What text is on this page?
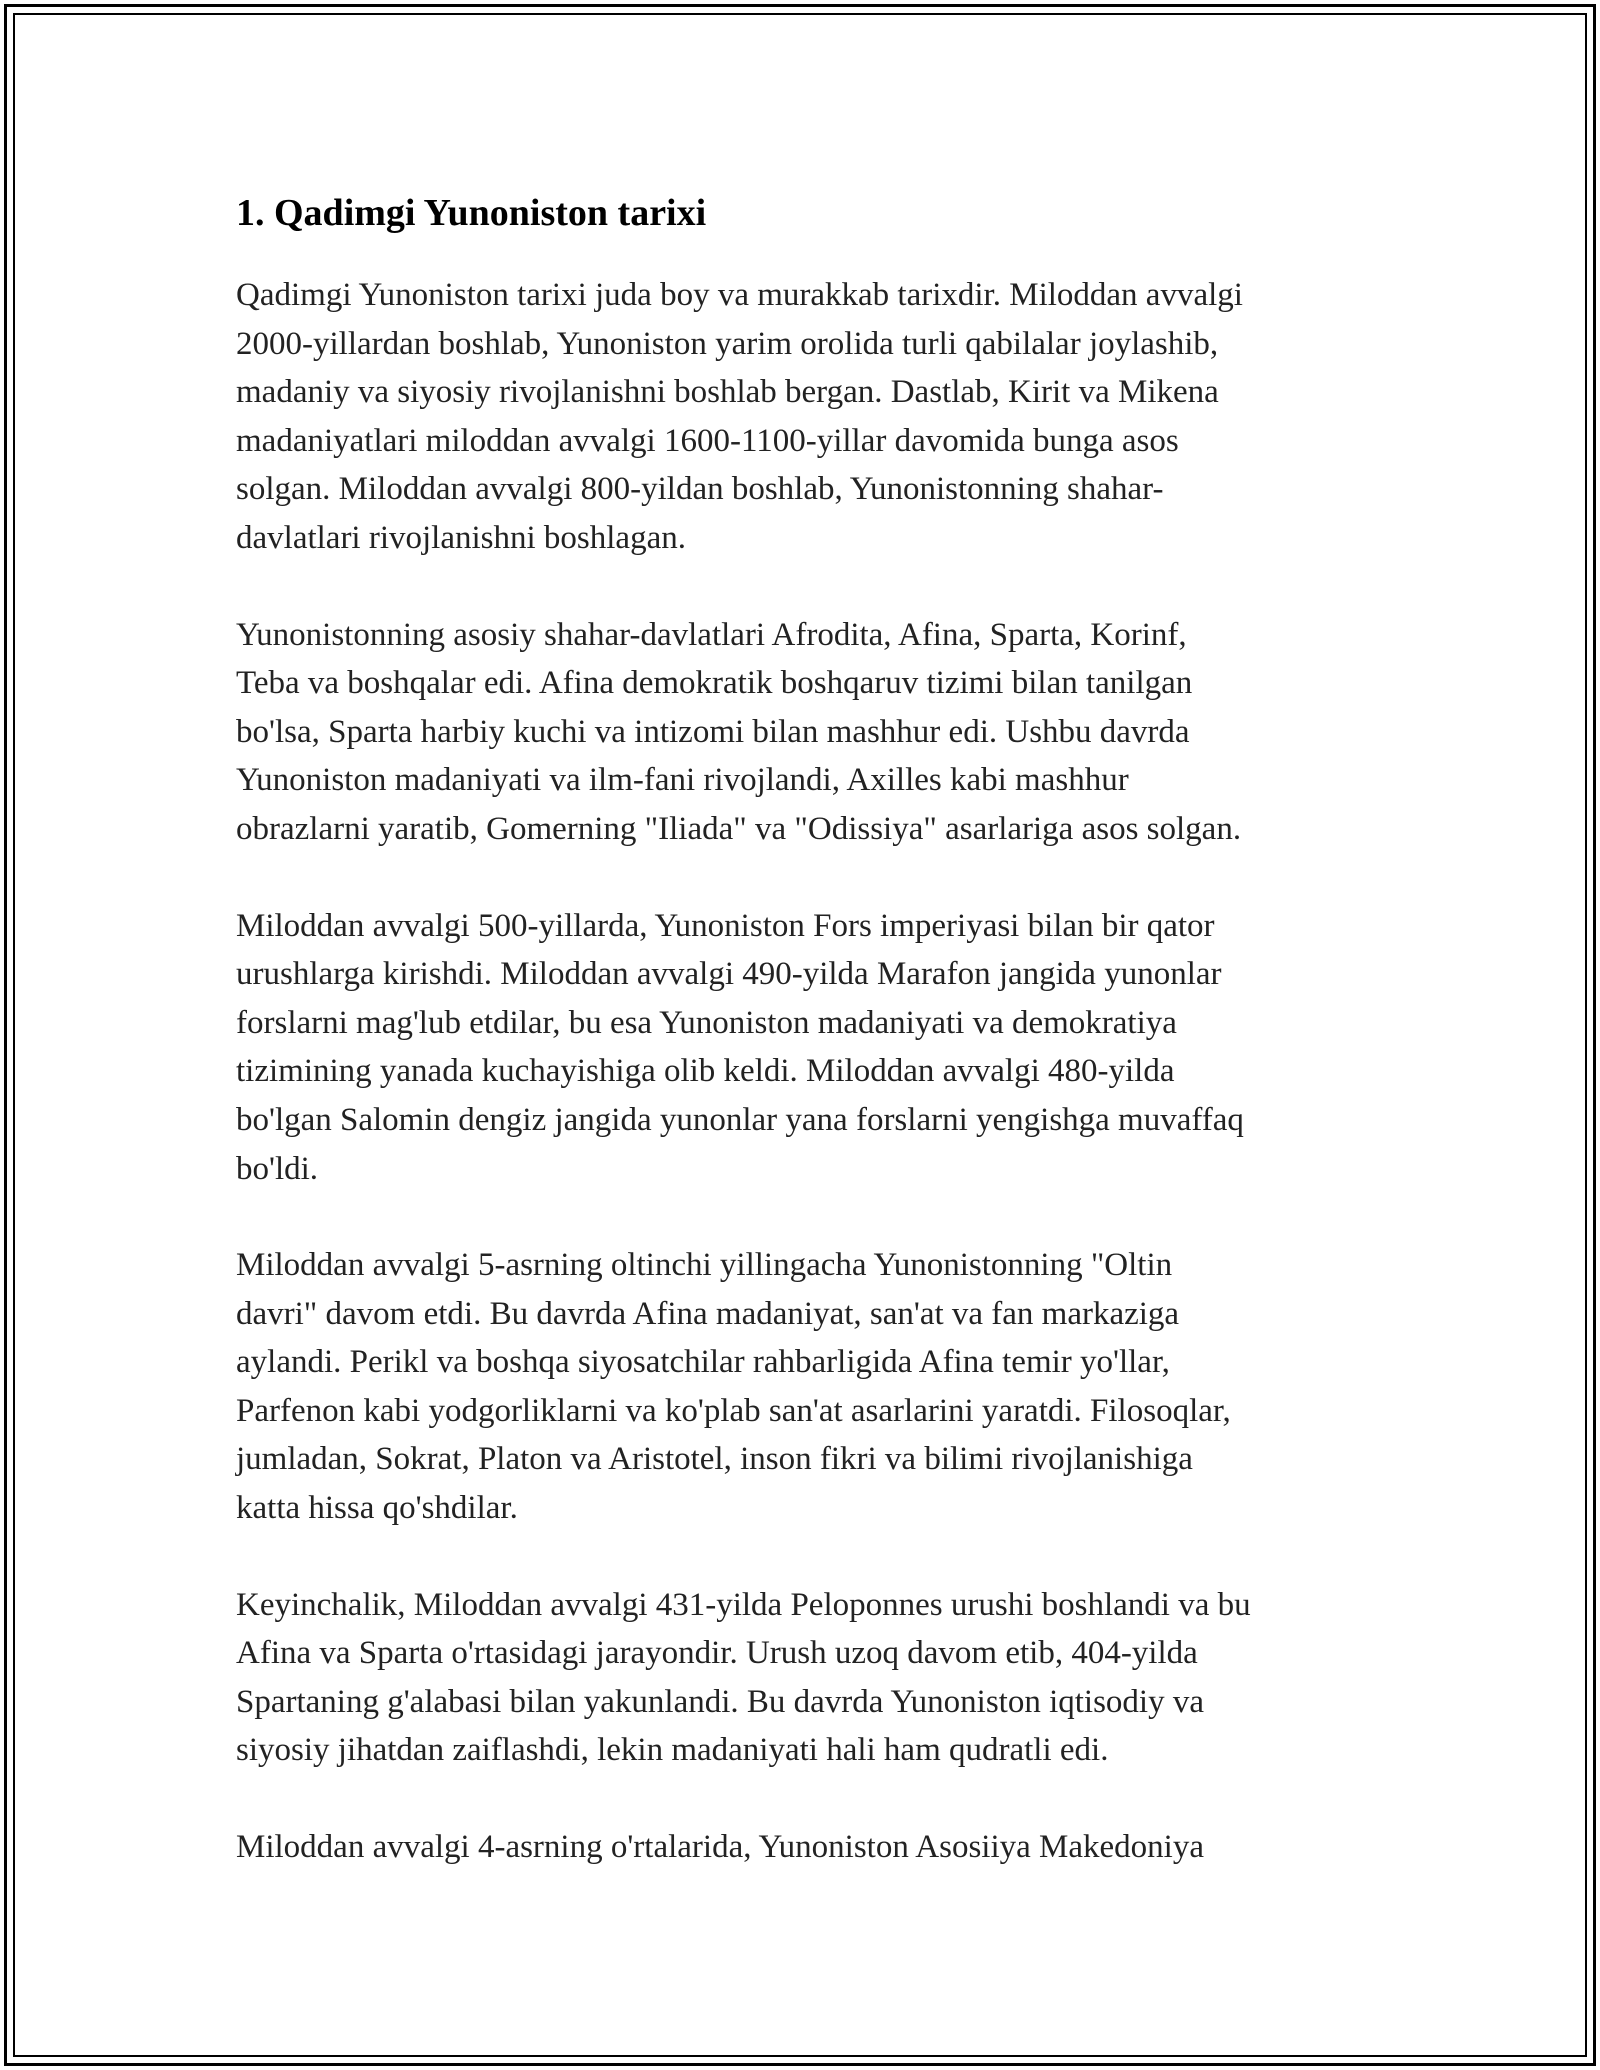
1. Qadimgi Yunoniston tarixi

Qadimgi Yunoniston tarixi juda boy va murakkab tarixdir. Miloddan avvalgi
2000-yillardan boshlab, Yunoniston yarim orolida turli qabilalar joylashib,
madaniy va siyosiy rivojlanishni boshlab bergan. Dastlab, Kirit va Mikena
madaniyatlari miloddan avvalgi 1600-1100-yillar davomida bunga asos
solgan. Miloddan avvalgi 800-yildan boshlab, Yunonistonning shahar-
davlatlari rivojlanishni boshlagan.

Yunonistonning asosiy shahar-davlatlari Afrodita, Afina, Sparta, Korinf,
Teba va boshqalar edi. Afina demokratik boshqaruv tizimi bilan tanilgan
bo'lsa, Sparta harbiy kuchi va intizomi bilan mashhur edi. Ushbu davrda
Yunoniston madaniyati va ilm-fani rivojlandi, Axilles kabi mashhur
obrazlarni yaratib, Gomerning "Iliada" va "Odissiya" asarlariga asos solgan.

Miloddan avvalgi 500-yillarda, Yunoniston Fors imperiyasi bilan bir qator
urushlarga kirishdi. Miloddan avvalgi 490-yilda Marafon jangida yunonlar
forslarni mag'lub etdilar, bu esa Yunoniston madaniyati va demokratiya
tizimining yanada kuchayishiga olib keldi. Miloddan avvalgi 480-yilda
bo'lgan Salomin dengiz jangida yunonlar yana forslarni yengishga muvaffaq
bo'ldi.

Miloddan avvalgi 5-asrning oltinchi yillingacha Yunonistonning "Oltin
davri" davom etdi. Bu davrda Afina madaniyat, san'at va fan markaziga
aylandi. Perikl va boshqa siyosatchilar rahbarligida Afina temir yo'llar,
Parfenon kabi yodgorliklarni va ko'plab san'at asarlarini yaratdi. Filosoqlar,
jumladan, Sokrat, Platon va Aristotel, inson fikri va bilimi rivojlanishiga
katta hissa qo'shdilar.

Keyinchalik, Miloddan avvalgi 431-yilda Peloponnes urushi boshlandi va bu
Afina va Sparta o'rtasidagi jarayondir. Urush uzoq davom etib, 404-yilda
Spartaning g'alabasi bilan yakunlandi. Bu davrda Yunoniston iqtisodiy va
siyosiy jihatdan zaiflashdi, lekin madaniyati hali ham qudratli edi.

Miloddan avvalgi 4-asrning o'rtalarida, Yunoniston Asosiiya Makedoniya
